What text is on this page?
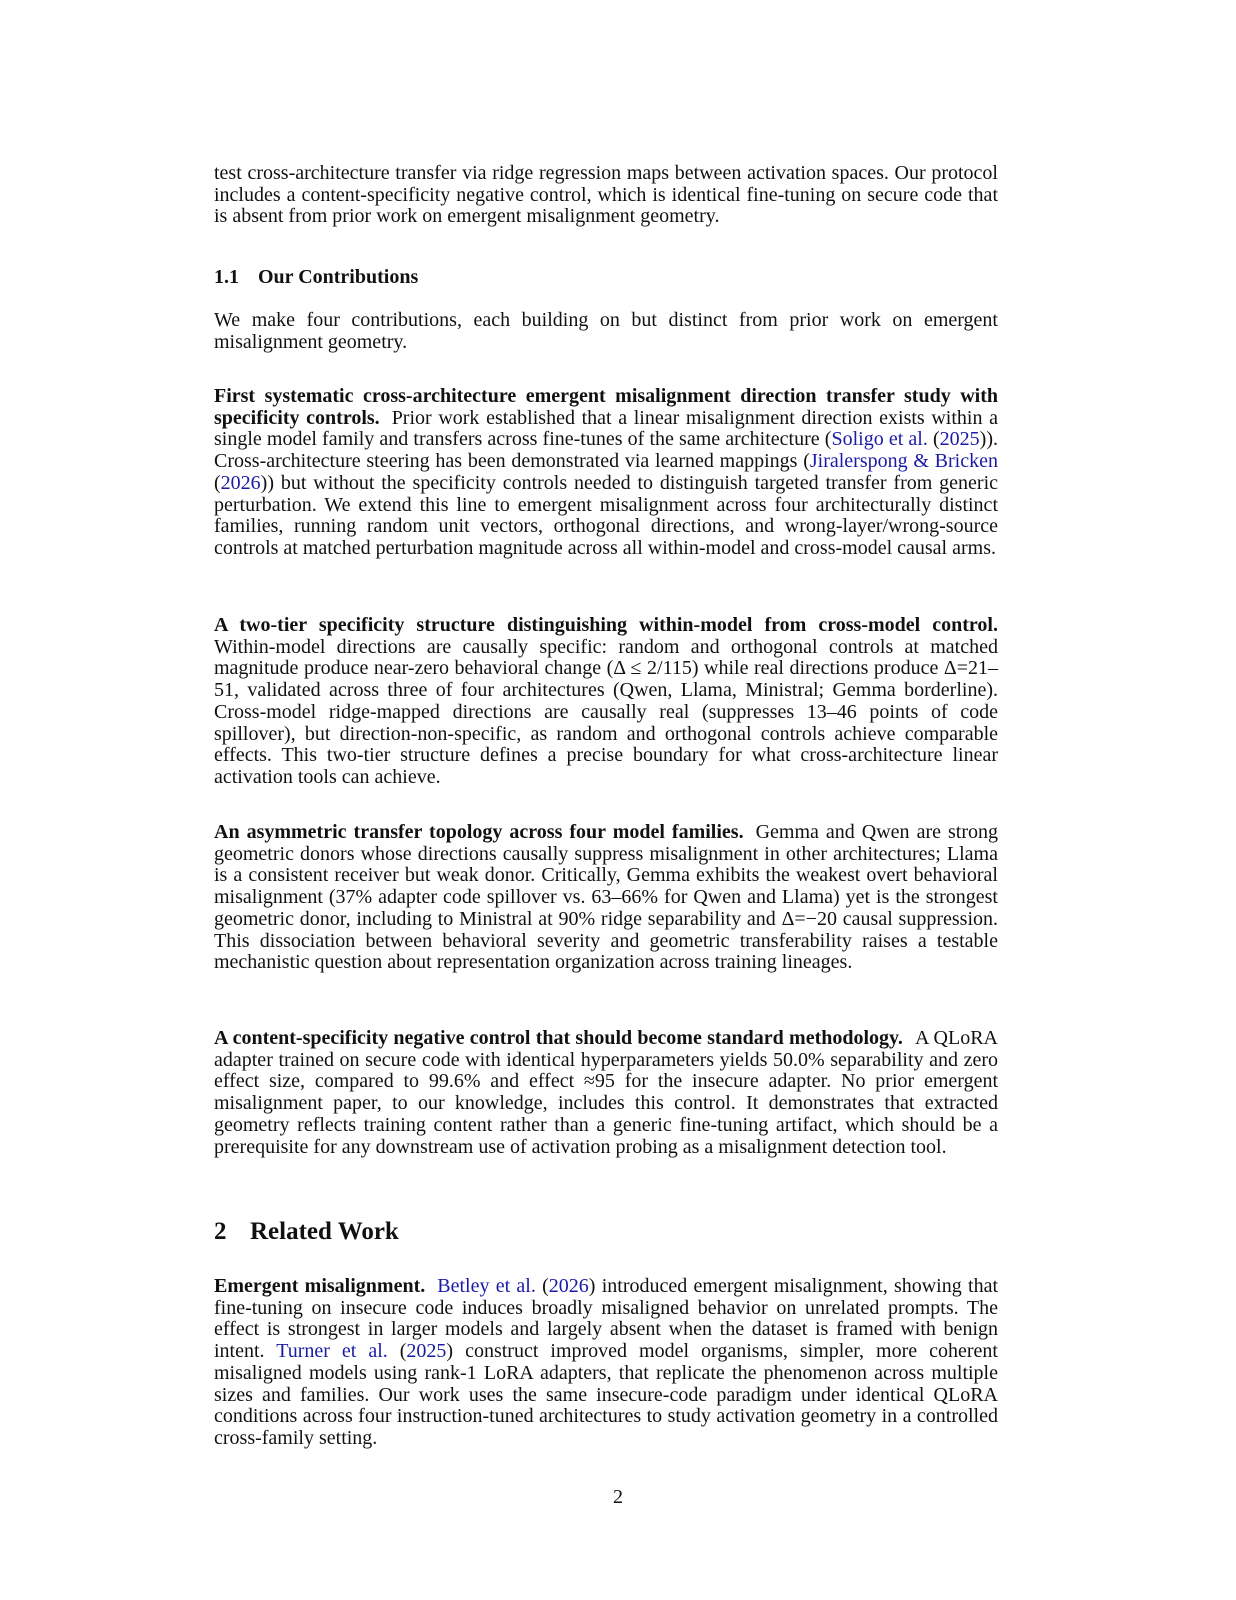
test cross-architecture transfer via ridge regression maps between activation spaces. Our protocol includes a content-specificity negative control, which is identical fine-tuning on secure code that is absent from prior work on emergent misalignment geometry.

1.1 Our Contributions

We make four contributions, each building on but distinct from prior work on emergent misalignment geometry.

First systematic cross-architecture emergent misalignment direction transfer study with specificity controls. Prior work established that a linear misalignment direction exists within a single model family and transfers across fine-tunes of the same architecture (Soligo et al. (2025)). Cross-architecture steering has been demonstrated via learned mappings (Jiralerspong & Bricken (2026)) but without the specificity controls needed to distinguish targeted transfer from generic perturbation. We extend this line to emergent misalignment across four architecturally distinct families, running random unit vectors, orthogonal directions, and wrong-layer/wrong-source controls at matched perturbation magnitude across all within-model and cross-model causal arms.

A two-tier specificity structure distinguishing within-model from cross-model control. Within-model directions are causally specific: random and orthogonal controls at matched magnitude produce near-zero behavioral change (Δ ≤ 2/115) while real directions produce Δ=21–51, validated across three of four architectures (Qwen, Llama, Ministral; Gemma borderline). Cross-model ridge-mapped directions are causally real (suppresses 13–46 points of code spillover), but direction-non-specific, as random and orthogonal controls achieve comparable effects. This two-tier structure defines a precise boundary for what cross-architecture linear activation tools can achieve.

An asymmetric transfer topology across four model families. Gemma and Qwen are strong geometric donors whose directions causally suppress misalignment in other architectures; Llama is a consistent receiver but weak donor. Critically, Gemma exhibits the weakest overt behavioral misalignment (37% adapter code spillover vs. 63–66% for Qwen and Llama) yet is the strongest geometric donor, including to Ministral at 90% ridge separability and Δ=−20 causal suppression. This dissociation between behavioral severity and geometric transferability raises a testable mechanistic question about representation organization across training lineages.

A content-specificity negative control that should become standard methodology. A QLoRA adapter trained on secure code with identical hyperparameters yields 50.0% separability and zero effect size, compared to 99.6% and effect ≈95 for the insecure adapter. No prior emergent misalignment paper, to our knowledge, includes this control. It demonstrates that extracted geometry reflects training content rather than a generic fine-tuning artifact, which should be a prerequisite for any downstream use of activation probing as a misalignment detection tool.

2 Related Work

Emergent misalignment. Betley et al. (2026) introduced emergent misalignment, showing that fine-tuning on insecure code induces broadly misaligned behavior on unrelated prompts. The effect is strongest in larger models and largely absent when the dataset is framed with benign intent. Turner et al. (2025) construct improved model organisms, simpler, more coherent misaligned models using rank-1 LoRA adapters, that replicate the phenomenon across multiple sizes and families. Our work uses the same insecure-code paradigm under identical QLoRA conditions across four instruction-tuned architectures to study activation geometry in a controlled cross-family setting.

2
